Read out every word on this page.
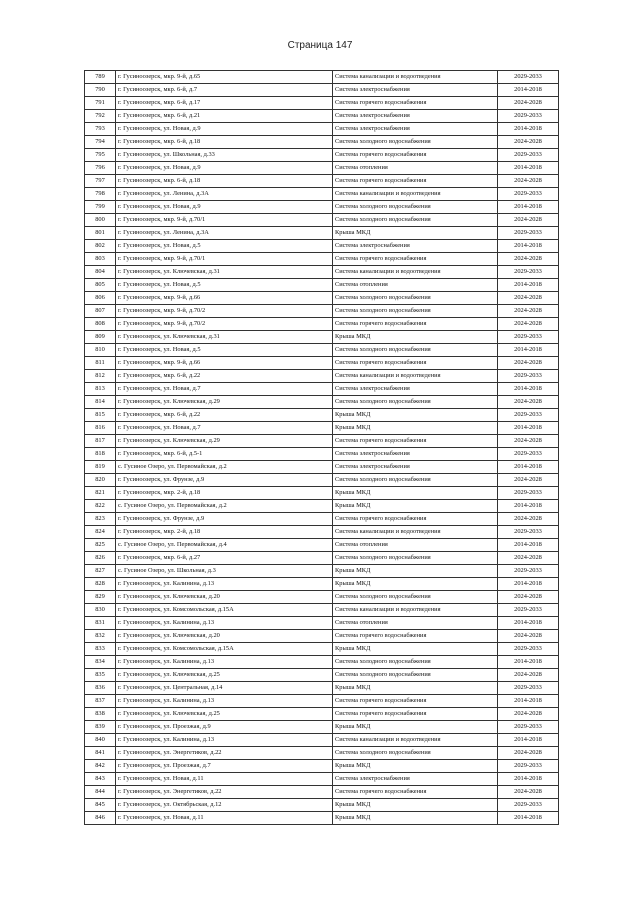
Страница 147
789	г. Гусиноозерск, мкр. 9-й, д.65	Система канализации и водоотведения	2029-2033
790	г. Гусиноозерск, мкр. 6-й, д.7	Система электроснабжения	2014-2018
791	г. Гусиноозерск, мкр. 6-й, д.17	Система горячего водоснабжения	2024-2028
792	г. Гусиноозерск, мкр. 6-й, д.21	Система электроснабжения	2029-2033
793	г. Гусиноозерск, ул. Новая, д.9	Система электроснабжения	2014-2018
794	г. Гусиноозерск, мкр. 6-й, д.18	Система холодного водоснабжения	2024-2028
795	г. Гусиноозерск, ул. Школьная, д.33	Система горячего водоснабжения	2029-2033
796	г. Гусиноозерск, ул. Новая, д.9	Система отопления	2014-2018
797	г. Гусиноозерск, мкр. 6-й, д.18	Система горячего водоснабжения	2024-2028
798	г. Гусиноозерск, ул. Ленина, д.3А	Система канализации и водоотведения	2029-2033
799	г. Гусиноозерск, ул. Новая, д.9	Система холодного водоснабжения	2014-2018
800	г. Гусиноозерск, мкр. 9-й, д.70/1	Система холодного водоснабжения	2024-2028
801	г. Гусиноозерск, ул. Ленина, д.3А	Крыша МКД	2029-2033
802	г. Гусиноозерск, ул. Новая, д.5	Система электроснабжения	2014-2018
803	г. Гусиноозерск, мкр. 9-й, д.70/1	Система горячего водоснабжения	2024-2028
804	г. Гусиноозерск, ул. Ключевская, д.31	Система канализации и водоотведения	2029-2033
805	г. Гусиноозерск, ул. Новая, д.5	Система отопления	2014-2018
806	г. Гусиноозерск, мкр. 9-й, д.66	Система холодного водоснабжения	2024-2028
807	г. Гусиноозерск, мкр. 9-й, д.70/2	Система холодного водоснабжения	2024-2028
808	г. Гусиноозерск, мкр. 9-й, д.70/2	Система горячего водоснабжения	2024-2028
809	г. Гусиноозерск, ул. Ключевская, д.31	Крыша МКД	2029-2033
810	г. Гусиноозерск, ул. Новая, д.5	Система холодного водоснабжения	2014-2018
811	г. Гусиноозерск, мкр. 9-й, д.66	Система горячего водоснабжения	2024-2028
812	г. Гусиноозерск, мкр. 6-й, д.22	Система канализации и водоотведения	2029-2033
813	г. Гусиноозерск, ул. Новая, д.7	Система электроснабжения	2014-2018
814	г. Гусиноозерск, ул. Ключевская, д.29	Система холодного водоснабжения	2024-2028
815	г. Гусиноозерск, мкр. 6-й, д.22	Крыша МКД	2029-2033
816	г. Гусиноозерск, ул. Новая, д.7	Крыша МКД	2014-2018
817	г. Гусиноозерск, ул. Ключевская, д.29	Система горячего водоснабжения	2024-2028
818	г. Гусиноозерск, мкр. 6-й, д.5-1	Система электроснабжения	2029-2033
819	с. Гусиное Озеро, ул. Первомайская, д.2	Система электроснабжения	2014-2018
820	г. Гусиноозерск, ул. Фрунзе, д.9	Система холодного водоснабжения	2024-2028
821	г. Гусиноозерск, мкр. 2-й, д.18	Крыша МКД	2029-2033
822	с. Гусиное Озеро, ул. Первомайская, д.2	Крыша МКД	2014-2018
823	г. Гусиноозерск, ул. Фрунзе, д.9	Система горячего водоснабжения	2024-2028
824	г. Гусиноозерск, мкр. 2-й, д.18	Система канализации и водоотведения	2029-2033
825	с. Гусиное Озеро, ул. Первомайская, д.4	Система отопления	2014-2018
826	г. Гусиноозерск, мкр. 6-й, д.27	Система холодного водоснабжения	2024-2028
827	с. Гусиное Озеро, ул. Школьная, д.3	Крыша МКД	2029-2033
828	г. Гусиноозерск, ул. Калинина, д.13	Крыша МКД	2014-2018
829	г. Гусиноозерск, ул. Ключевская, д.20	Система холодного водоснабжения	2024-2028
830	г. Гусиноозерск, ул. Комсомольская, д.15А	Система канализации и водоотведения	2029-2033
831	г. Гусиноозерск, ул. Калинина, д.13	Система отопления	2014-2018
832	г. Гусиноозерск, ул. Ключевская, д.20	Система горячего водоснабжения	2024-2028
833	г. Гусиноозерск, ул. Комсомольская, д.15А	Крыша МКД	2029-2033
834	г. Гусиноозерск, ул. Калинина, д.13	Система холодного водоснабжения	2014-2018
835	г. Гусиноозерск, ул. Ключевская, д.25	Система холодного водоснабжения	2024-2028
836	г. Гусиноозерск, ул. Центральная, д.14	Крыша МКД	2029-2033
837	г. Гусиноозерск, ул. Калинина, д.13	Система горячего водоснабжения	2014-2018
838	г. Гусиноозерск, ул. Ключевская, д.25	Система горячего водоснабжения	2024-2028
839	г. Гусиноозерск, ул. Проезжая, д.9	Крыша МКД	2029-2033
840	г. Гусиноозерск, ул. Калинина, д.13	Система канализации и водоотведения	2014-2018
841	г. Гусиноозерск, ул. Энергетиков, д.22	Система холодного водоснабжения	2024-2028
842	г. Гусиноозерск, ул. Проезжая, д.7	Крыша МКД	2029-2033
843	г. Гусиноозерск, ул. Новая, д.11	Система электроснабжения	2014-2018
844	г. Гусиноозерск, ул. Энергетиков, д.22	Система горячего водоснабжения	2024-2028
845	г. Гусиноозерск, ул. Октябрьская, д.12	Крыша МКД	2029-2033
846	г. Гусиноозерск, ул. Новая, д.11	Крыша МКД	2014-2018
